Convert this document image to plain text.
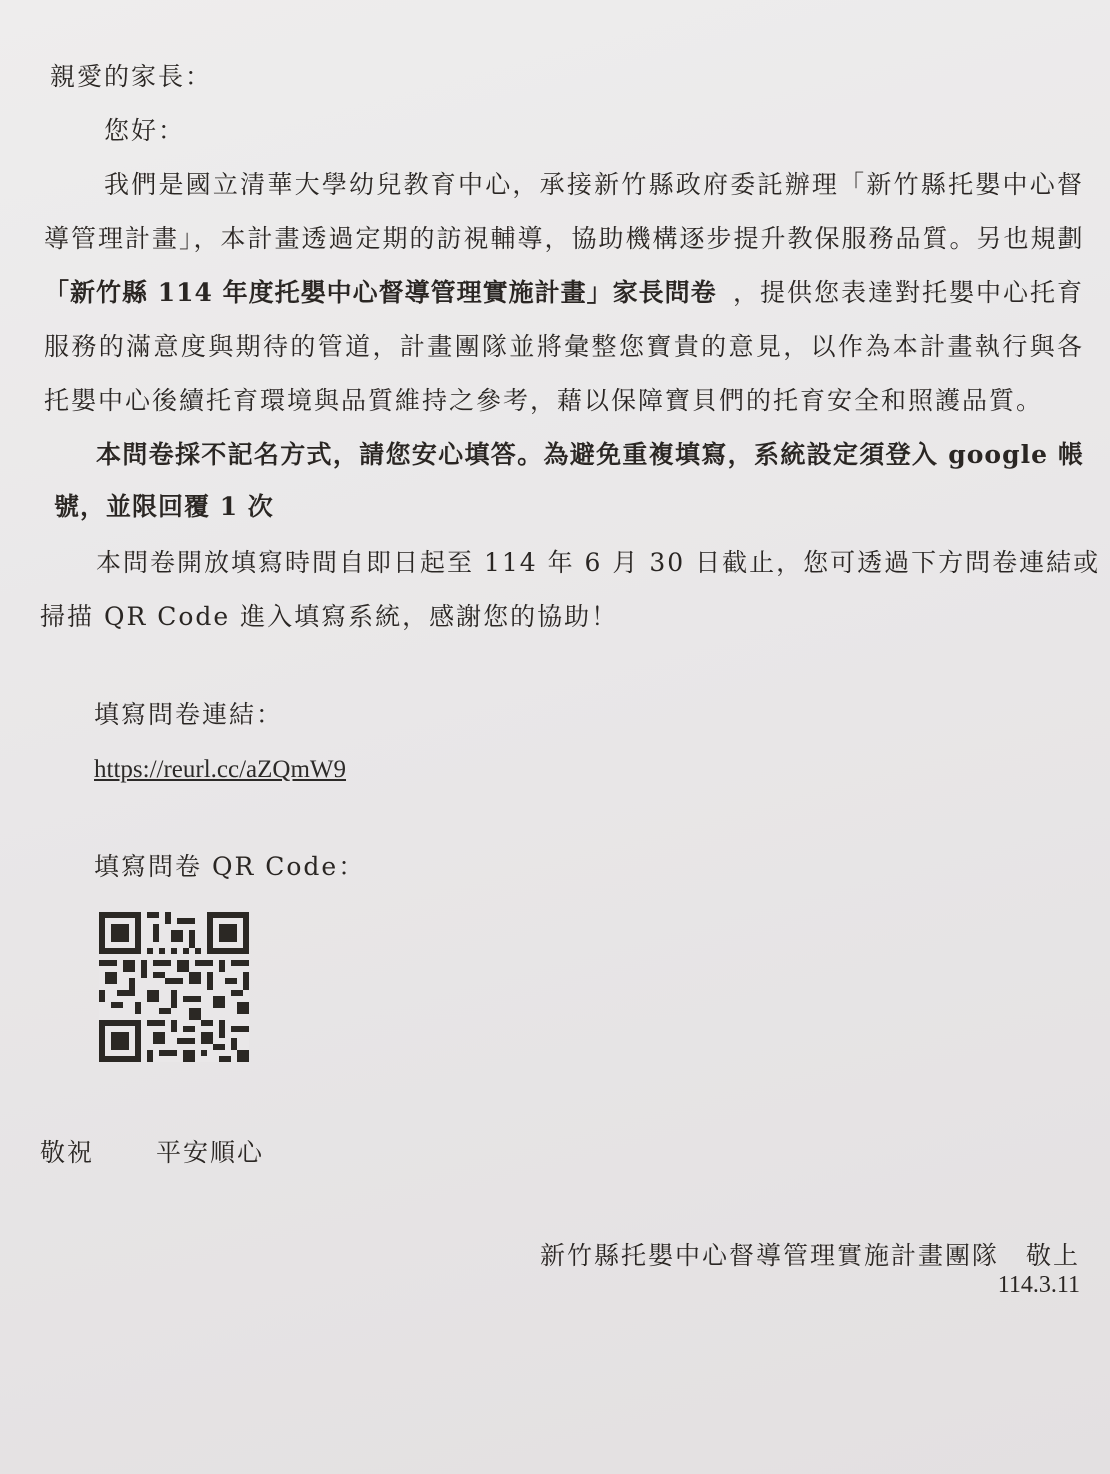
親愛的家長：
您好：
我們是國立清華大學幼兒教育中心，承接新竹縣政府委託辦理「新竹縣托嬰中心督
導管理計畫」，本計畫透過定期的訪視輔導，協助機構逐步提升教保服務品質。另也規劃
「新竹縣 114 年度托嬰中心督導管理實施計畫」家長問卷 ，提供您表達對托嬰中心托育
服務的滿意度與期待的管道，計畫團隊並將彙整您寶貴的意見，以作為本計畫執行與各
托嬰中心後續托育環境與品質維持之參考，藉以保障寶貝們的托育安全和照護品質。
本問卷採不記名方式，請您安心填答。為避免重複填寫，系統設定須登入 google 帳
號，並限回覆 1 次
本問卷開放填寫時間自即日起至 114 年 6 月 30 日截止，您可透過下方問卷連結或
掃描 QR Code 進入填寫系統，感謝您的協助！
填寫問卷連結：
https://reurl.cc/aZQmW9
填寫問卷 QR Code：
敬祝 平安順心
新竹縣托嬰中心督導管理實施計畫團隊　敬上
114.3.11
